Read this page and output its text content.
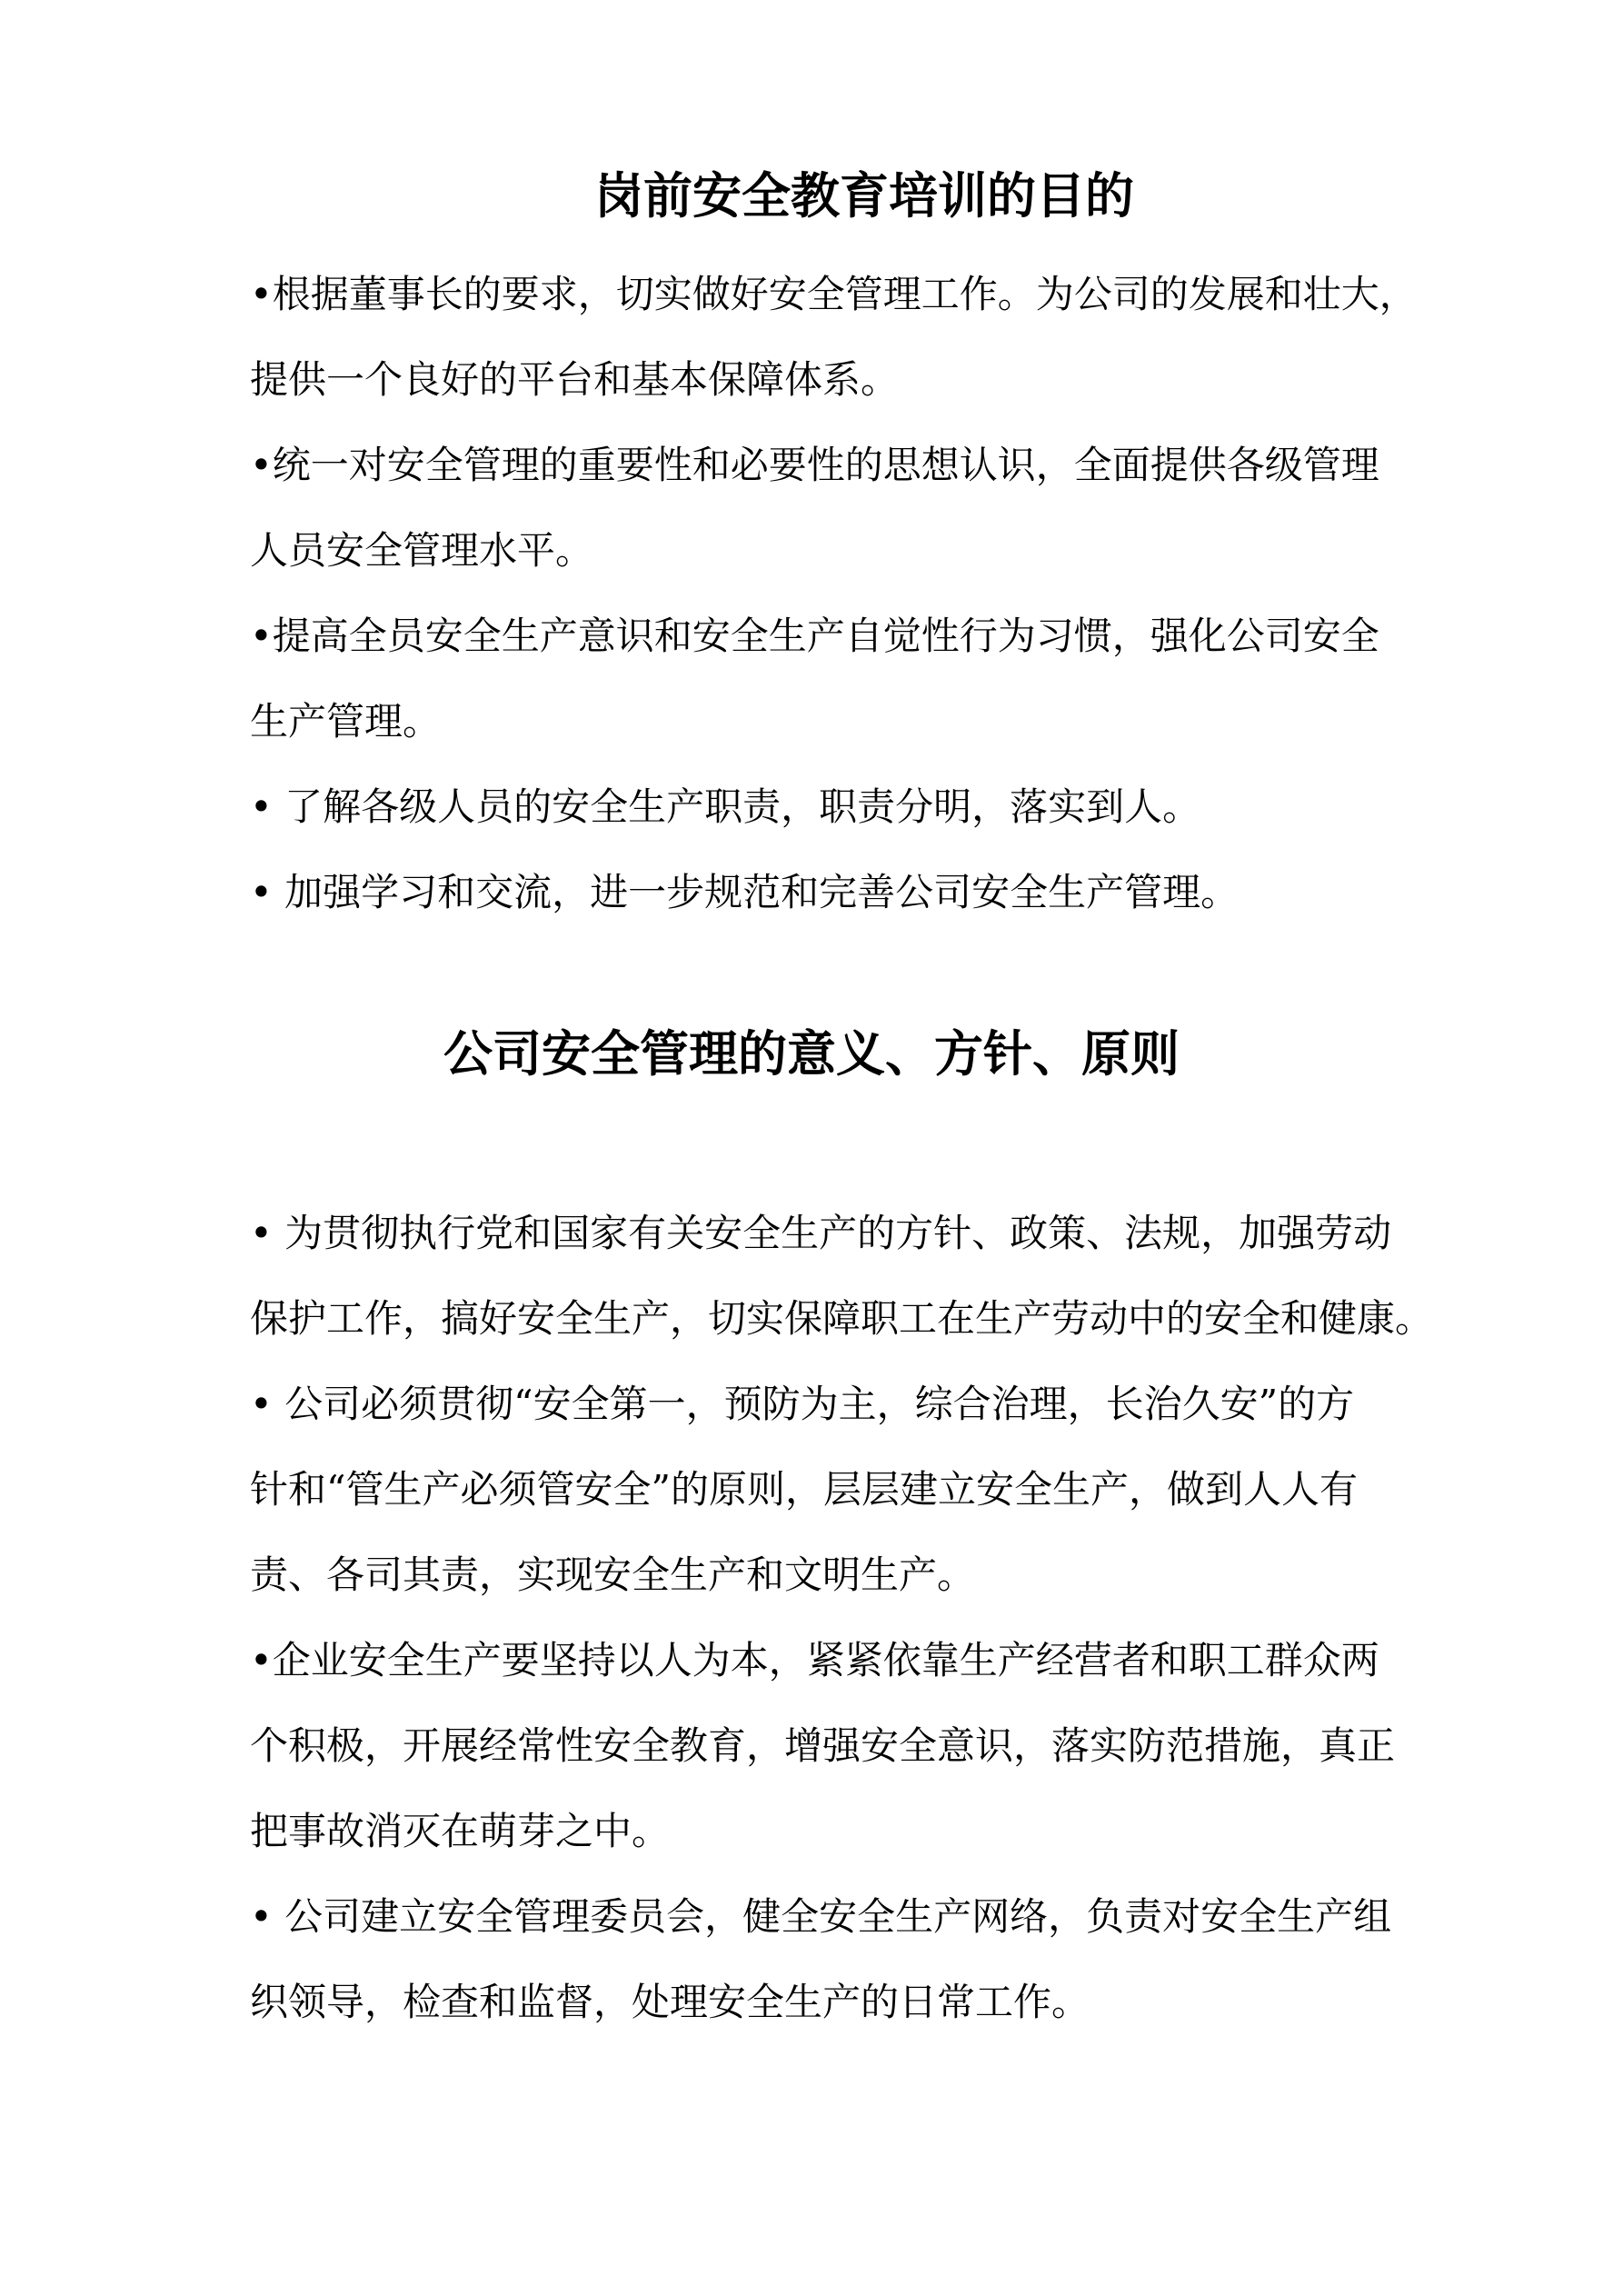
岗前安全教育培训的目的
•根据董事长的要求，切实做好安全管理工作。为公司的发展和壮大，
提供一个良好的平台和基本保障体系。
•统一对安全管理的重要性和必要性的思想认识，全面提供各级管理
人员安全管理水平。
•提高全员安全生产意识和安全生产自觉性行为习惯，强化公司安全
生产管理。
• 了解各级人员的安全生产职责，职责分明，落实到人。
• 加强学习和交流，进一步规范和完善公司安全生产管理。
公司安全管理的意义、方针、原则
• 为贯彻执行党和国家有关安全生产的方针、政策、法规，加强劳动
保护工作，搞好安全生产，切实保障职工在生产劳动中的安全和健康。
• 公司必须贯彻“安全第一，预防为主，综合治理，长治久安”的方
针和“管生产必须管安全”的原则，层层建立安全生产，做到人人有
责、各司其责，实现安全生产和文明生产。
•企业安全生产要坚持以人为本，紧紧依靠生产经营者和职工群众两
个积极，开展经常性安全教育，增强安全意识，落实防范措施，真正
把事故消灭在萌芽之中。
• 公司建立安全管理委员会，健全安全生产网络，负责对安全生产组
织领导，检查和监督，处理安全生产的日常工作。
